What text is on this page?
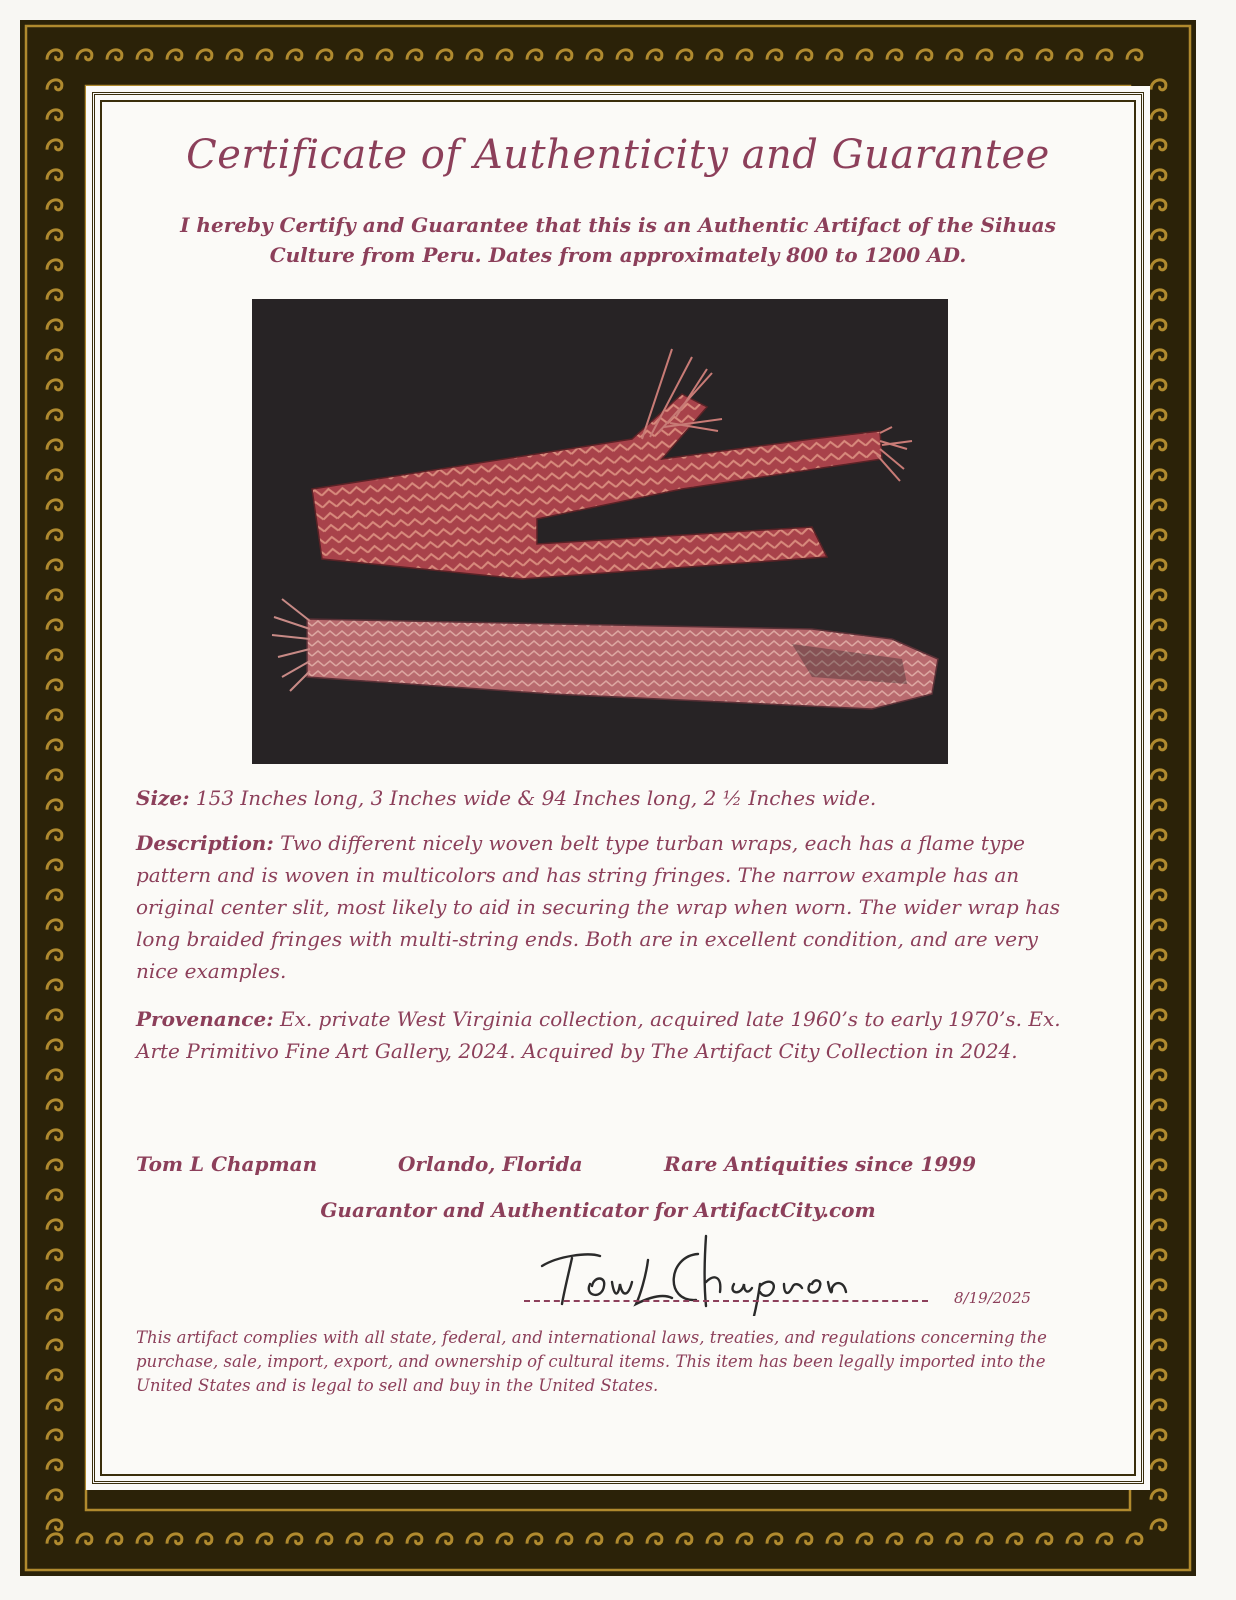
Certificate of Authenticity and Guarantee
I hereby Certify and Guarantee that this is an Authentic Artifact of the Sihuas
Culture from Peru. Dates from approximately 800 to 1200 AD.
Size: 153 Inches long, 3 Inches wide & 94 Inches long, 2 ½ Inches wide.
Description: Two different nicely woven belt type turban wraps, each has a flame type pattern and is woven in multicolors and has string fringes. The narrow example has an original center slit, most likely to aid in securing the wrap when worn. The wider wrap has long braided fringes with multi-string ends. Both are in excellent condition, and are very nice examples.
Provenance: Ex. private West Virginia collection, acquired late 1960’s to early 1970’s. Ex. Arte Primitivo Fine Art Gallery, 2024. Acquired by The Artifact City Collection in 2024.
Tom L Chapman	Orlando, Florida	Rare Antiquities since 1999
Guarantor and Authenticator for ArtifactCity.com
8/19/2025
This artifact complies with all state, federal, and international laws, treaties, and regulations concerning the purchase, sale, import, export, and ownership of cultural items. This item has been legally imported into the United States and is legal to sell and buy in the United States.
